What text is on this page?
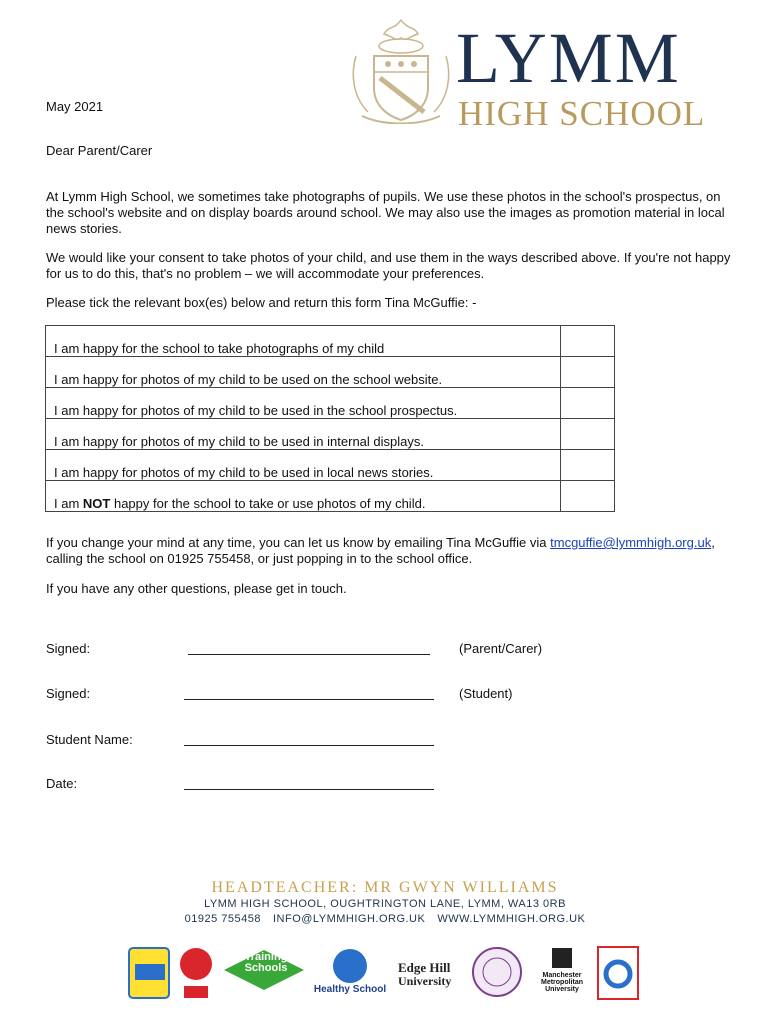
LYMM
HIGH SCHOOL
May 2021
Dear Parent/Carer
At Lymm High School, we sometimes take photographs of pupils. We use these photos in the school's prospectus, on the school's website and on display boards around school. We may also use the images as promotion material in local news stories.
We would like your consent to take photos of your child, and use them in the ways described above. If you're not happy for us to do this, that's no problem – we will accommodate your preferences.
Please tick the relevant box(es) below and return this form Tina McGuffie: -
I am happy for the school to take photographs of my child	
I am happy for photos of my child to be used on the school website.	
I am happy for photos of my child to be used in the school prospectus.	
I am happy for photos of my child to be used in internal displays.	
I am happy for photos of my child to be used in local news stories.	
I am NOT happy for the school to take or use photos of my child.	
If you change your mind at any time, you can let us know by emailing Tina McGuffie via tmcguffie@lymmhigh.org.uk, calling the school on 01925 755458, or just popping in to the school office.
If you have any other questions, please get in touch.
Signed:	(Parent/Carer)
Signed:	(Student)
Student Name:
Date:
HEADTEACHER: MR GWYN WILLIAMS
LYMM HIGH SCHOOL, OUGHTRINGTON LANE, LYMM, WA13 0RB
01925 755458 INFO@LYMMHIGH.ORG.UK WWW.LYMMHIGH.ORG.UK
Training Schools
Healthy School
Edge Hill
University	Manchester
Metropolitan
University
